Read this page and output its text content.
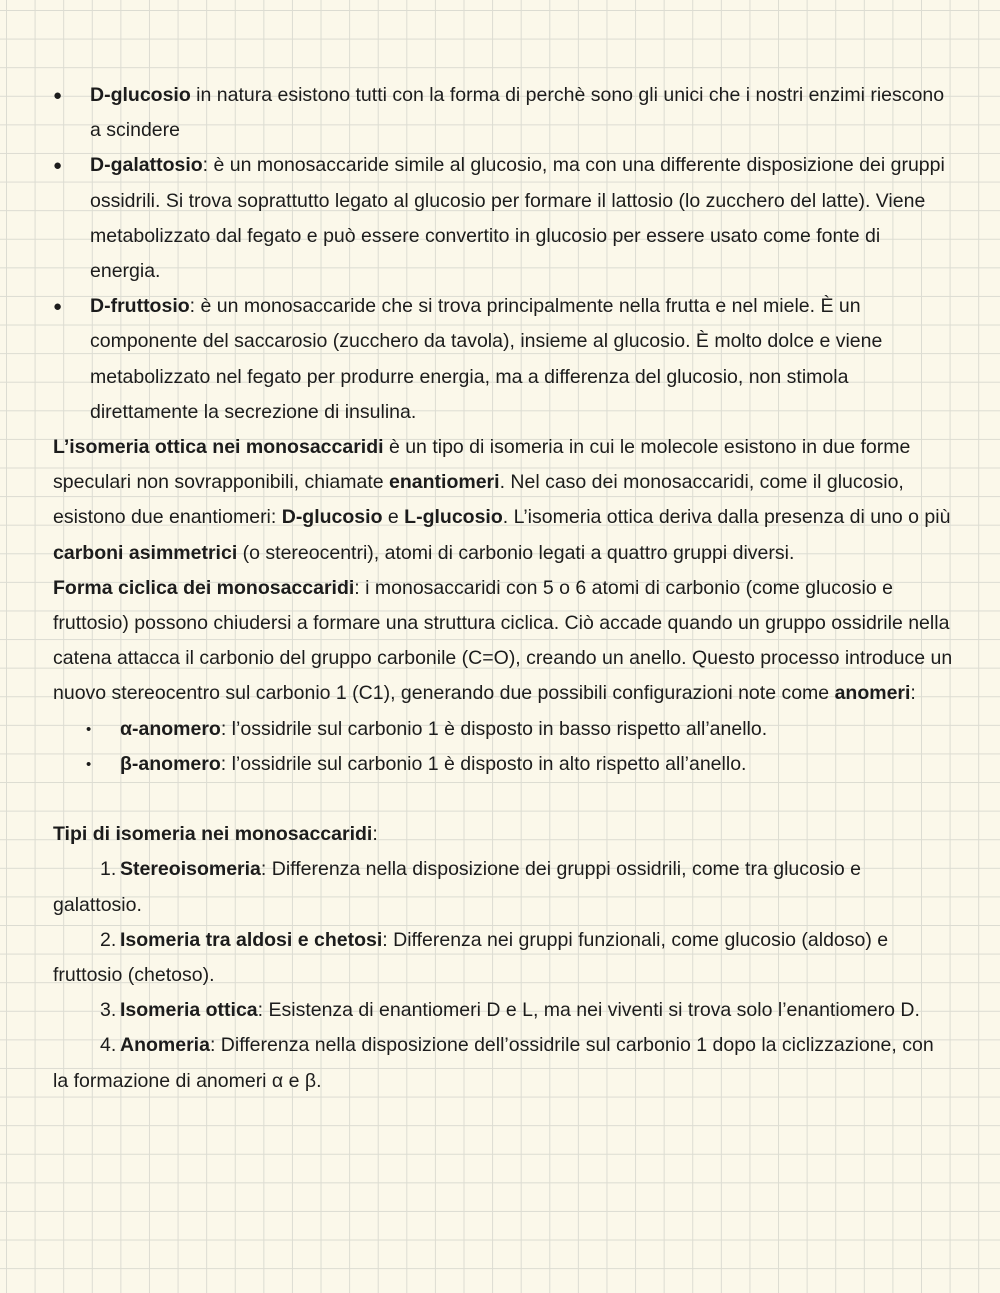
●	D-glucosio in natura esistono tutti con la forma di perchè sono gli unici che i nostri enzimi riescono a scindere

●	D-galattosio: è un monosaccaride simile al glucosio, ma con una differente disposizione dei gruppi ossidrili. Si trova soprattutto legato al glucosio per formare il lattosio (lo zucchero del latte). Viene metabolizzato dal fegato e può essere convertito in glucosio per essere usato come fonte di energia.

●	D-fruttosio: è un monosaccaride che si trova principalmente nella frutta e nel miele. È un componente del saccarosio (zucchero da tavola), insieme al glucosio. È molto dolce e viene metabolizzato nel fegato per produrre energia, ma a differenza del glucosio, non stimola direttamente la secrezione di insulina.

L’isomeria ottica nei monosaccaridi è un tipo di isomeria in cui le molecole esistono in due forme speculari non sovrapponibili, chiamate enantiomeri. Nel caso dei monosaccaridi, come il glucosio, esistono due enantiomeri: D-glucosio e L-glucosio. L’isomeria ottica deriva dalla presenza di uno o più carboni asimmetrici (o stereocentri), atomi di carbonio legati a quattro gruppi diversi.

Forma ciclica dei monosaccaridi: i monosaccaridi con 5 o 6 atomi di carbonio (come glucosio e fruttosio) possono chiudersi a formare una struttura ciclica. Ciò accade quando un gruppo ossidrile nella catena attacca il carbonio del gruppo carbonile (C=O), creando un anello. Questo processo introduce un nuovo stereocentro sul carbonio 1 (C1), generando due possibili configurazioni note come anomeri:

• α-anomero: l’ossidrile sul carbonio 1 è disposto in basso rispetto all’anello.

• β-anomero: l’ossidrile sul carbonio 1 è disposto in alto rispetto all’anello.

Tipi di isomeria nei monosaccaridi:

1. Stereoisomeria: Differenza nella disposizione dei gruppi ossidrili, come tra glucosio e galattosio.

2. Isomeria tra aldosi e chetosi: Differenza nei gruppi funzionali, come glucosio (aldoso) e fruttosio (chetoso).

3. Isomeria ottica: Esistenza di enantiomeri D e L, ma nei viventi si trova solo l’enantiomero D.

4. Anomeria: Differenza nella disposizione dell’ossidrile sul carbonio 1 dopo la ciclizzazione, con la formazione di anomeri α e β.
